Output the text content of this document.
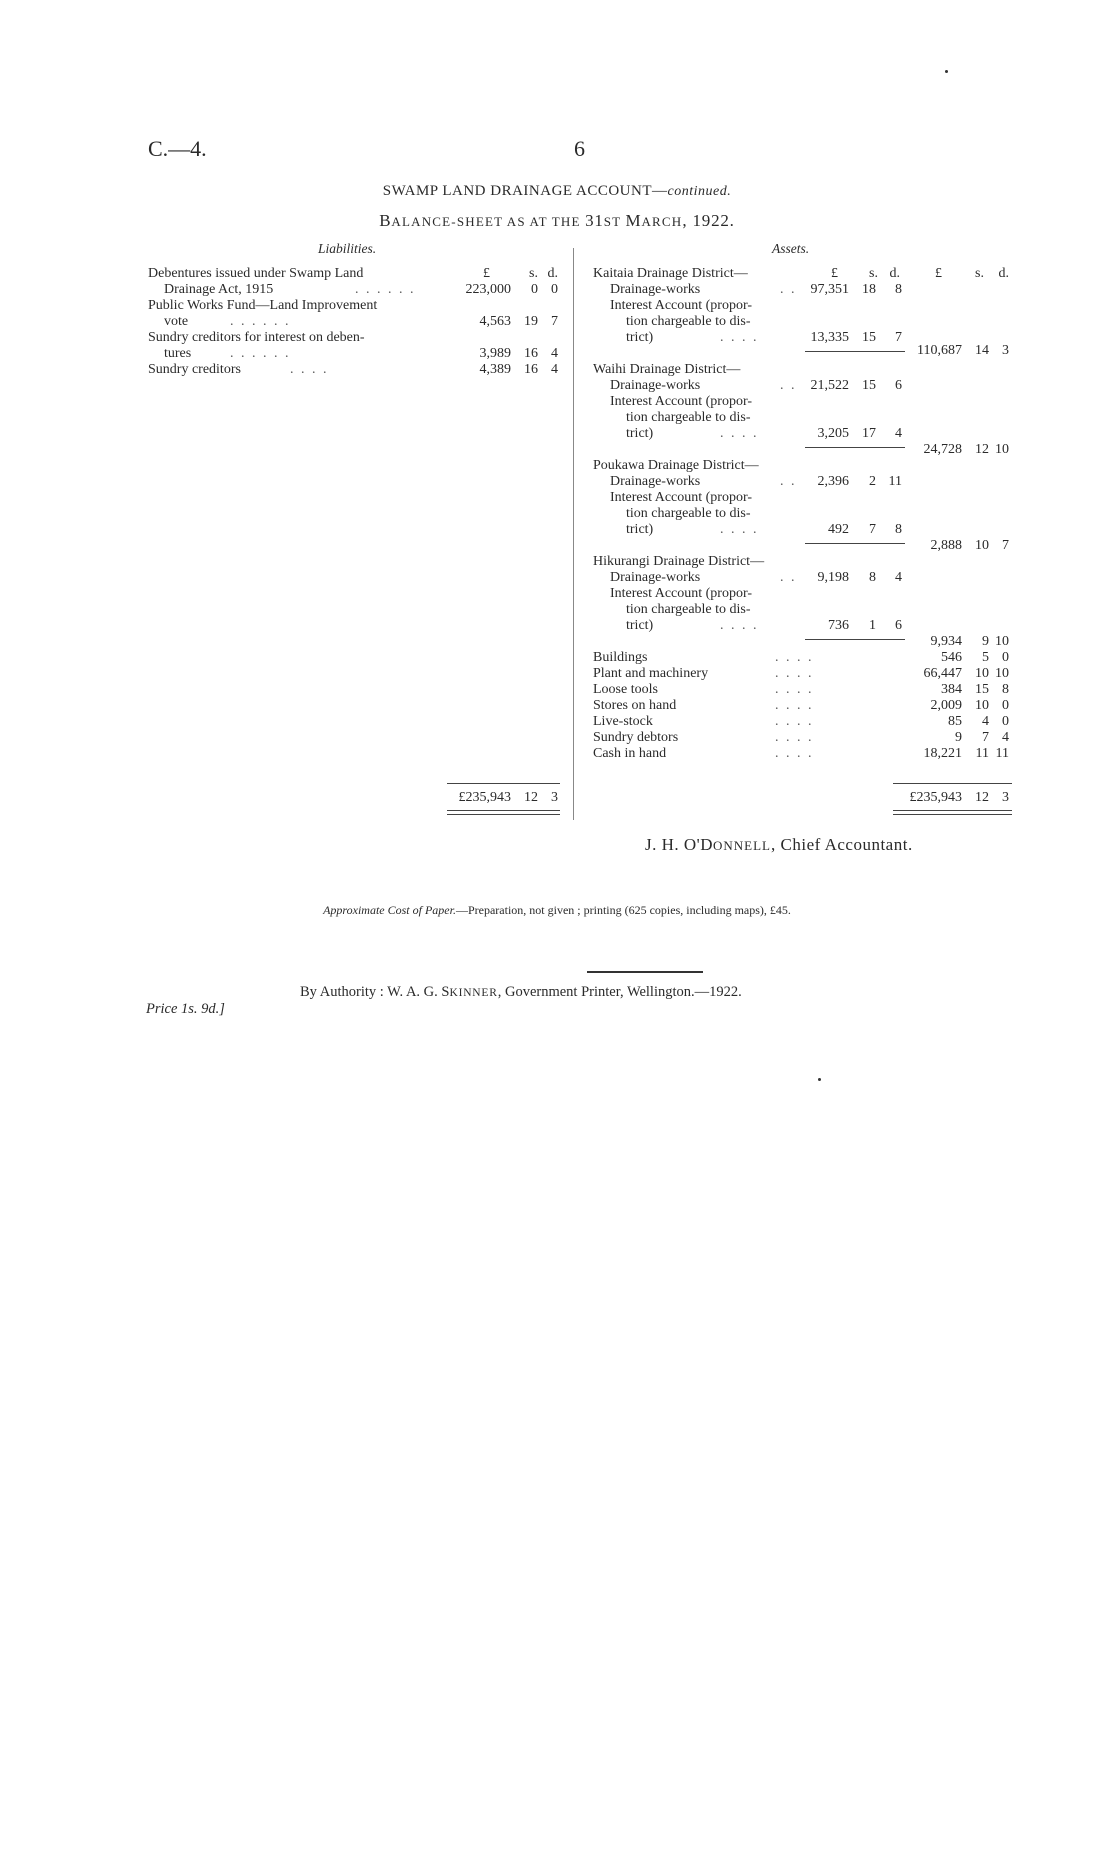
C.—4.	6
SWAMP LAND DRAINAGE ACCOUNT—continued.
BALANCE-SHEET AS AT THE 31ST MARCH, 1922.
Liabilities.	Assets.
£	s. d.
Debentures issued under Swamp Land
Drainage Act, 1915	. . . . . .	223,000 0 0
Public Works Fund—Land Improvement
vote	. . . . . .	4,563 19 7
Sundry creditors for interest on deben-
tures	. . . . . .	3,989 16 4
Sundry creditors	. . . .	4,389 16 4
£235,943 12 3
£ s. d.	£ s. d.
Kaitaia Drainage District—
Drainage-works	. . 97,351 18 8
Interest Account (propor-
tion chargeable to dis-
trict)	. . . .	13,335 15 7
110,687 14 3
Waihi Drainage District—
Drainage-works	. . 21,522 15 6
Interest Account (propor-
tion chargeable to dis-
trict)	. . . .	3,205 17 4
24,728 12 10
Poukawa Drainage District—
Drainage-works	. . 2,396 2 11
Interest Account (propor-
tion chargeable to dis-
trict)	. . . .	492 7 8
2,888 10 7
Hikurangi Drainage District—
Drainage-works	. . 9,198 8 4
Interest Account (propor-
tion chargeable to dis-
trict)	. . . .	736 1 6
9,934 9 10
Buildings	. . . .	546 5 0
Plant and machinery	. . . .	66,447 10 10
Loose tools	. . . .	384 15 8
Stores on hand	. . . .	2,009 10 0
Live-stock	. . . .	85 4 0
Sundry debtors	. . . .	9 7 4
Cash in hand	. . . .	18,221 11 11
£235,943 12 3
J. H. O'DONNELL, Chief Accountant.
Approximate Cost of Paper.—Preparation, not given ; printing (625 copies, including maps), £45.
By Authority : W. A. G. SKINNER, Government Printer, Wellington.—1922.
Price 1s. 9d.]
